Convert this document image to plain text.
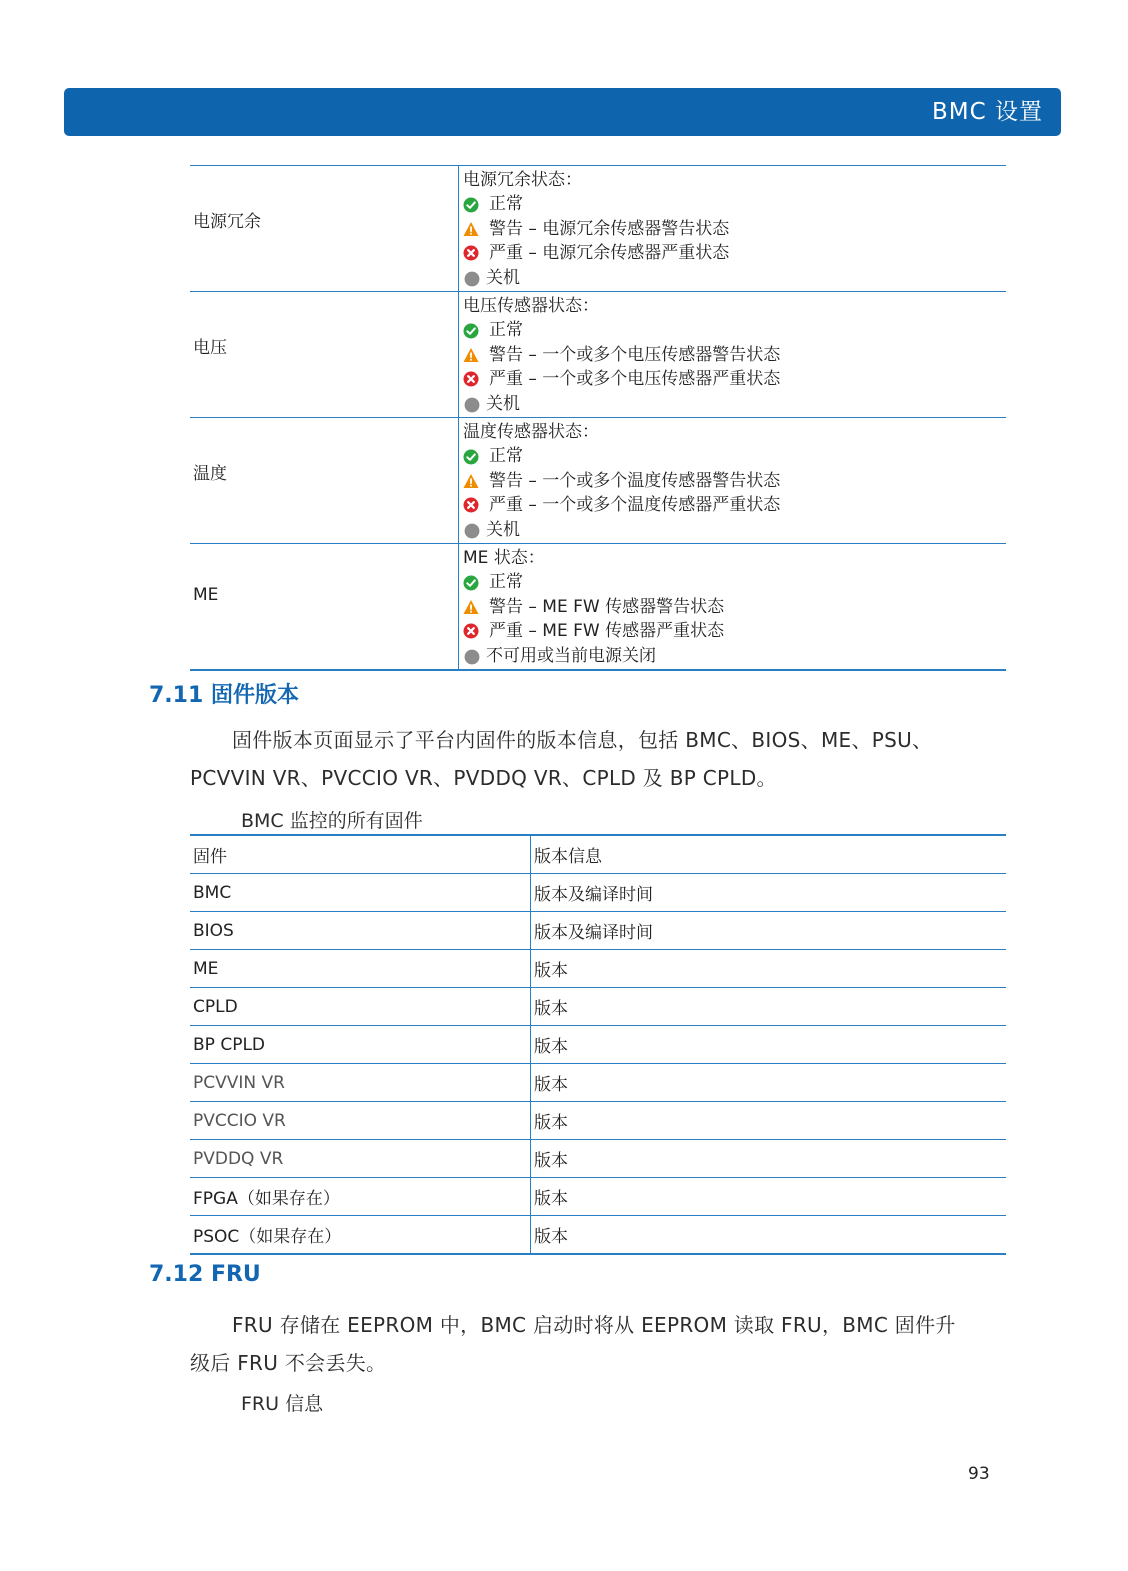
BMC 设置
电源冗余	电源冗余状态：
正常
警告 – 电源冗余传感器警告状态
严重 – 电源冗余传感器严重状态
关机

电压	电压传感器状态：
正常
警告 – 一个或多个电压传感器警告状态
严重 – 一个或多个电压传感器严重状态
关机

温度	温度传感器状态：
正常
警告 – 一个或多个温度传感器警告状态
严重 – 一个或多个温度传感器严重状态
关机

ME	ME 状态：
正常
警告 – ME FW 传感器警告状态
严重 – ME FW 传感器严重状态
不可用或当前电源关闭
7.11 固件版本
固件版本页面显示了平台内固件的版本信息，包括 BMC、BIOS、ME、PSU、
PCVVIN VR、PVCCIO VR、PVDDQ VR、CPLD 及 BP CPLD。
BMC 监控的所有固件
固件	版本信息
BMC	版本及编译时间
BIOS	版本及编译时间
ME	版本
CPLD	版本
BP CPLD	版本
PCVVIN VR	版本
PVCCIO VR	版本
PVDDQ VR	版本
FPGA（如果存在）	版本
PSOC（如果存在）	版本
7.12 FRU
FRU 存储在 EEPROM 中，BMC 启动时将从 EEPROM 读取 FRU，BMC 固件升
级后 FRU 不会丢失。
FRU 信息
93
